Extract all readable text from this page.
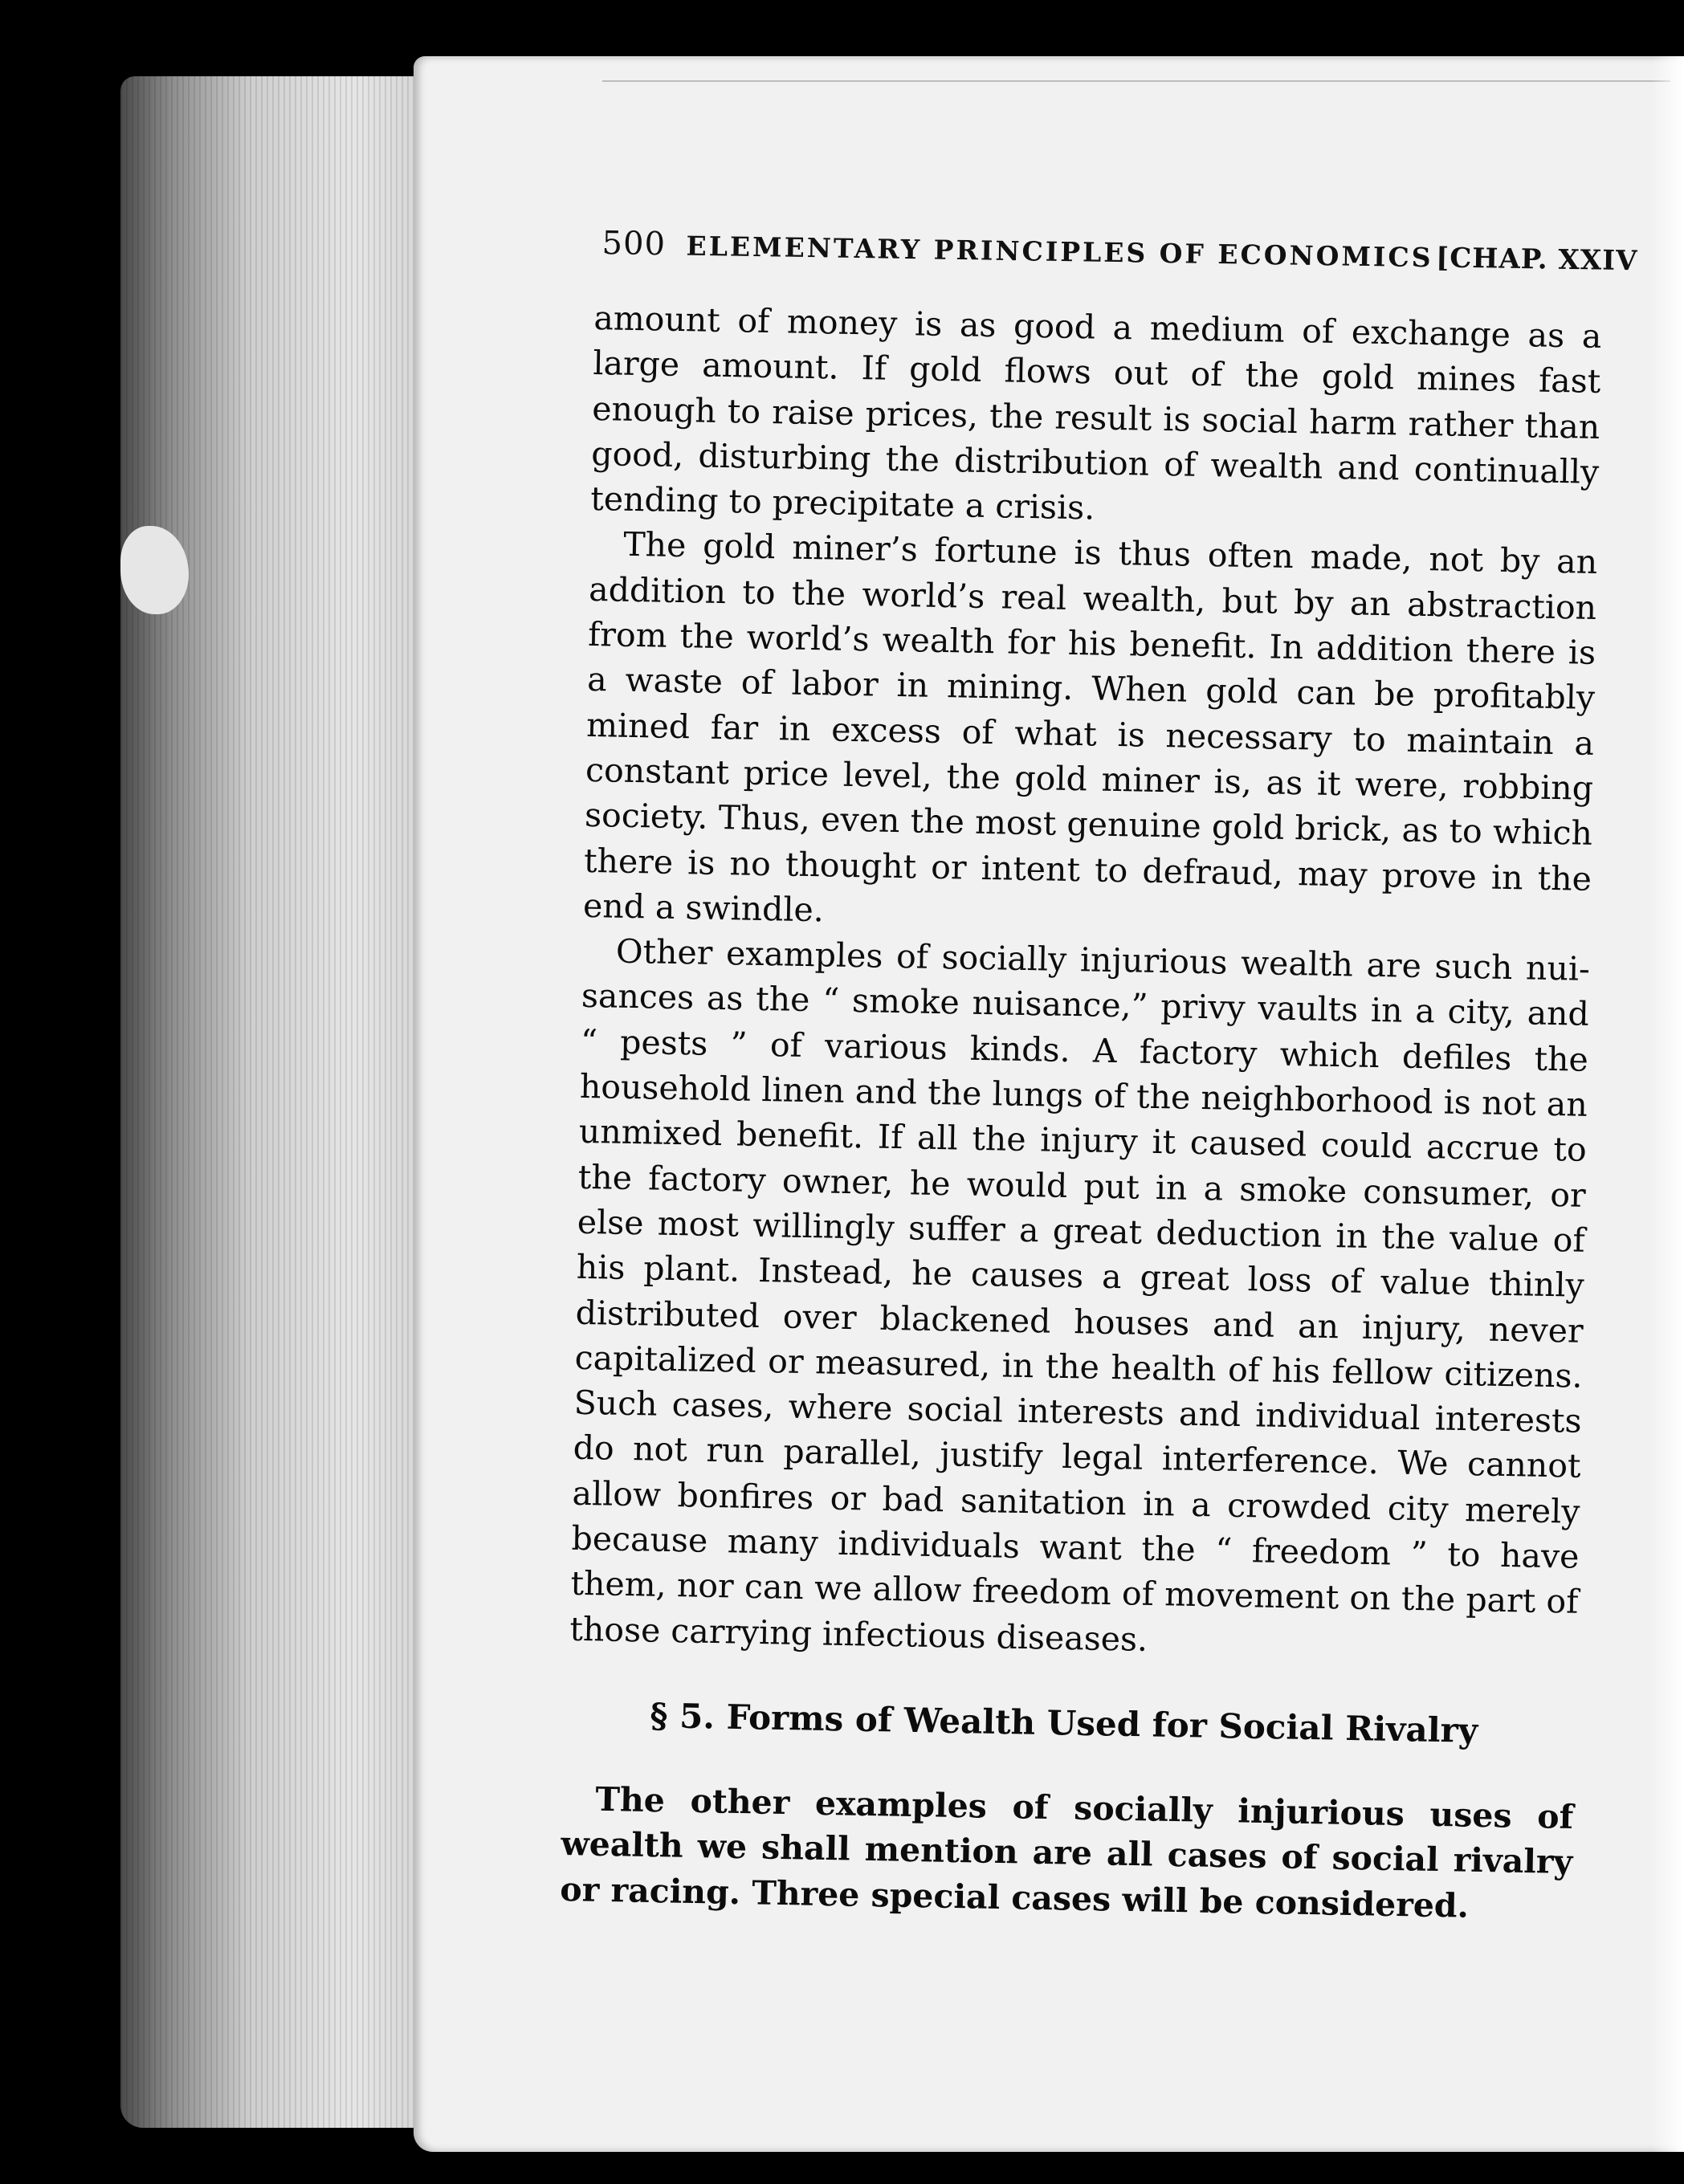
500 ELEMENTARY PRINCIPLES OF ECONOMICS [CHAP. XXIV

amount of money is as good a medium of exchange as a large amount. If gold flows out of the gold mines fast enough to raise prices, the result is social harm rather than good, disturbing the distribution of wealth and continually tending to precipitate a crisis.

The gold miner’s fortune is thus often made, not by an addition to the world’s real wealth, but by an abstraction from the world’s wealth for his benefit. In addition there is a waste of labor in mining. When gold can be profitably mined far in excess of what is necessary to maintain a constant price level, the gold miner is, as it were, robbing society. Thus, even the most genuine gold brick, as to which there is no thought or intent to defraud, may prove in the end a swindle.

Other examples of socially injurious wealth are such nuisances as the “ smoke nuisance,” privy vaults in a city, and “ pests ” of various kinds. A factory which defiles the household linen and the lungs of the neighborhood is not an unmixed benefit. If all the injury it caused could accrue to the factory owner, he would put in a smoke consumer, or else most willingly suffer a great deduction in the value of his plant. Instead, he causes a great loss of value thinly distributed over blackened houses and an injury, never capitalized or measured, in the health of his fellow citizens. Such cases, where social interests and individual interests do not run parallel, justify legal interference. We cannot allow bonfires or bad sanitation in a crowded city merely because many individuals want the “ freedom ” to have them, nor can we allow freedom of movement on the part of those carrying infectious diseases.

§ 5. Forms of Wealth Used for Social Rivalry

The other examples of socially injurious uses of wealth we shall mention are all cases of social rivalry or racing. Three special cases will be considered.
